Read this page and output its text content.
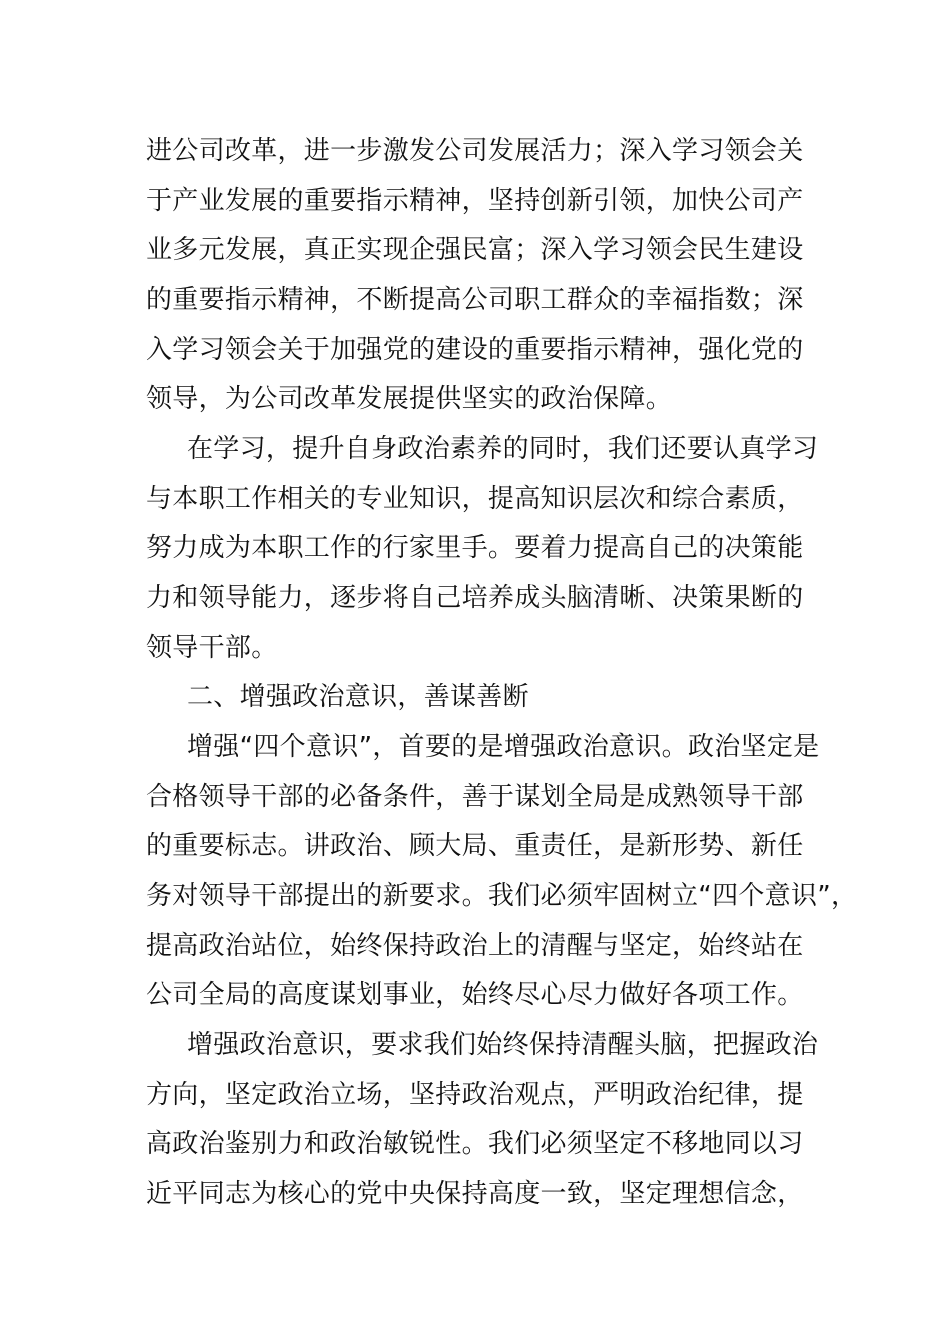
进公司改革，进一步激发公司发展活力；深入学习领会关
于产业发展的重要指示精神，坚持创新引领，加快公司产
业多元发展，真正实现企强民富；深入学习领会民生建设
的重要指示精神，不断提高公司职工群众的幸福指数；深
入学习领会关于加强党的建设的重要指示精神，强化党的
领导，为公司改革发展提供坚实的政治保障。
在学习，提升自身政治素养的同时，我们还要认真学习
与本职工作相关的专业知识，提高知识层次和综合素质，
努力成为本职工作的行家里手。要着力提高自己的决策能
力和领导能力，逐步将自己培养成头脑清晰、决策果断的
领导干部。
二、增强政治意识，善谋善断
增强“四个意识”，首要的是增强政治意识。政治坚定是
合格领导干部的必备条件，善于谋划全局是成熟领导干部
的重要标志。讲政治、顾大局、重责任，是新形势、新任
务对领导干部提出的新要求。我们必须牢固树立“四个意识”，
提高政治站位，始终保持政治上的清醒与坚定，始终站在
公司全局的高度谋划事业，始终尽心尽力做好各项工作。
增强政治意识，要求我们始终保持清醒头脑，把握政治
方向，坚定政治立场，坚持政治观点，严明政治纪律，提
高政治鉴别力和政治敏锐性。我们必须坚定不移地同以习
近平同志为核心的党中央保持高度一致，坚定理想信念，
